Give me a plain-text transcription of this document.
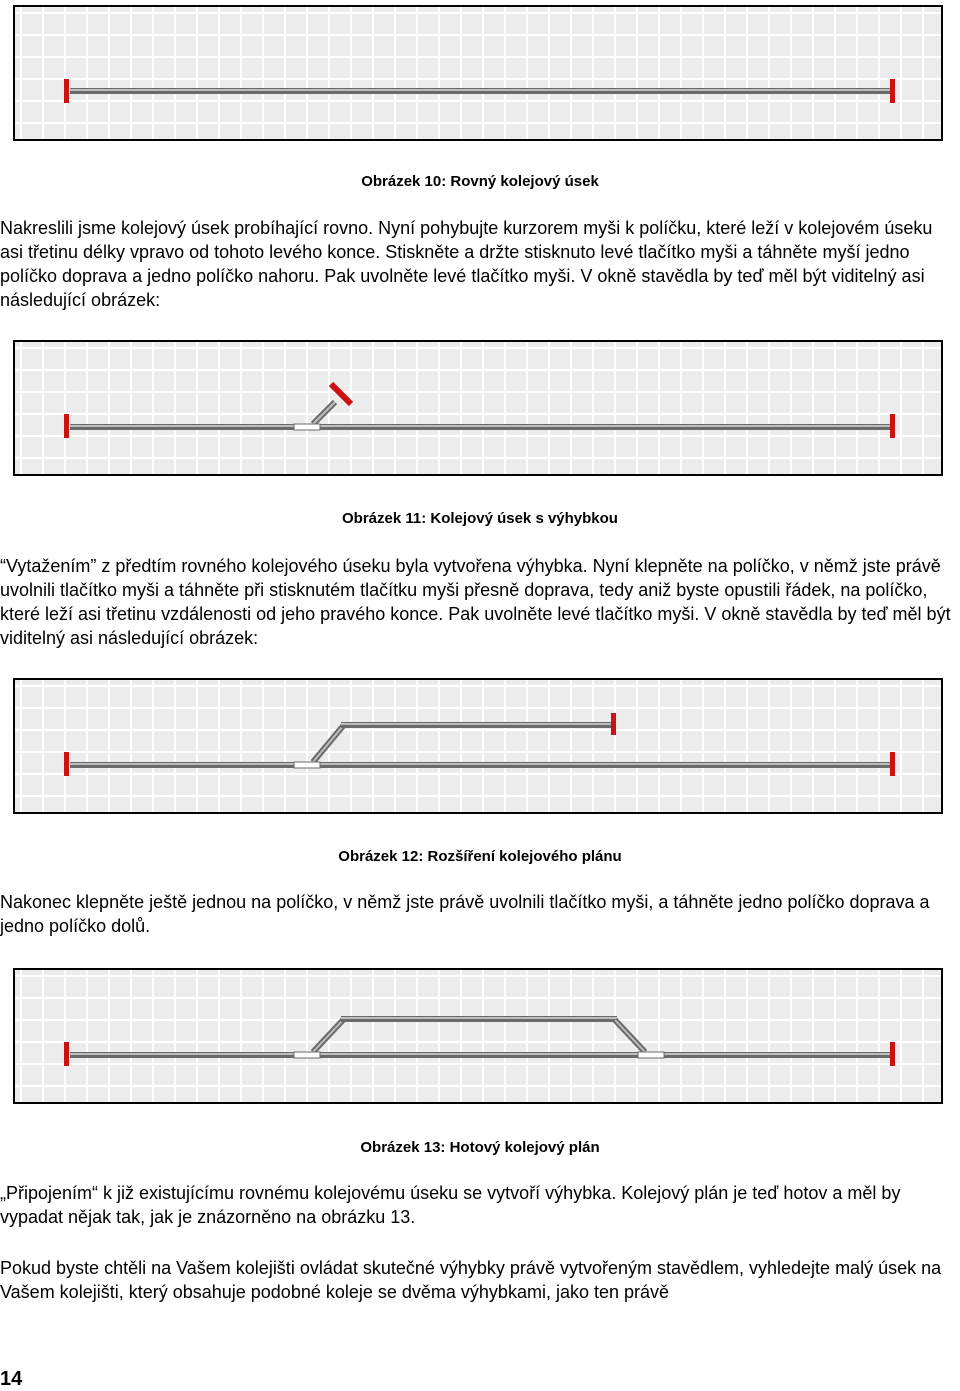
Obrázek 10: Rovný kolejový úsek

Nakreslili jsme kolejový úsek probíhající rovno. Nyní pohybujte kurzorem myši k políčku, které leží v kolejovém úseku asi třetinu délky vpravo od tohoto levého konce. Stiskněte a držte stisknuto levé tlačítko myši a táhněte myší jedno políčko doprava a jedno políčko nahoru. Pak uvolněte levé tlačítko myši. V okně stavědla by teď měl být viditelný asi následující obrázek:

Obrázek 11: Kolejový úsek s výhybkou

“Vytažením” z předtím rovného kolejového úseku byla vytvořena výhybka. Nyní klepněte na políčko, v němž jste právě uvolnili tlačítko myši a táhněte při stisknutém tlačítku myši přesně doprava, tedy aniž byste opustili řádek, na políčko, které leží asi třetinu vzdálenosti od jeho pravého konce. Pak uvolněte levé tlačítko myši. V okně stavědla by teď měl být viditelný asi následující obrázek:

Obrázek 12: Rozšíření kolejového plánu

Nakonec klepněte ještě jednou na políčko, v němž jste právě uvolnili tlačítko myši, a táhněte jedno políčko doprava a jedno políčko dolů.

Obrázek 13: Hotový kolejový plán

„Připojením“ k již existujícímu rovnému kolejovému úseku se vytvoří výhybka. Kolejový plán je teď hotov a měl by vypadat nějak tak, jak je znázorněno na obrázku 13.

Pokud byste chtěli na Vašem kolejišti ovládat skutečné výhybky právě vytvořeným stavědlem, vyhledejte malý úsek na Vašem kolejišti, který obsahuje podobné koleje se dvěma výhybkami, jako ten právě

14
